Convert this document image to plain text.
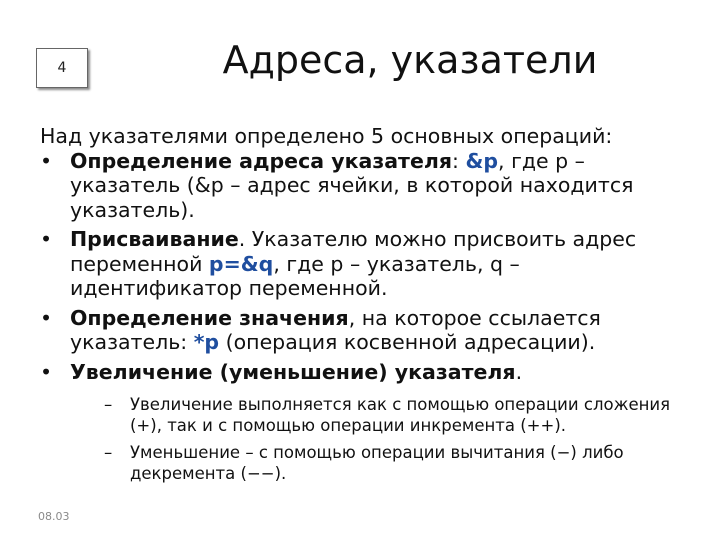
4	Адреса, указатели
Над указателями определено 5 основных операций:
• Определение адреса указателя: &p, где p – указатель (&p – адрес ячейки, в которой находится указатель).
• Присваивание. Указателю можно присвоить адрес переменной p=&q, где p – указатель, q – идентификатор переменной.
• Определение значения, на которое ссылается указатель: *p (операция косвенной адресации).
• Увеличение (уменьшение) указателя.
– Увеличение выполняется как с помощью операции сложения (+), так и с помощью операции инкремента (++).
– Уменьшение – с помощью операции вычитания (−) либо декремента (−−).
08.03
